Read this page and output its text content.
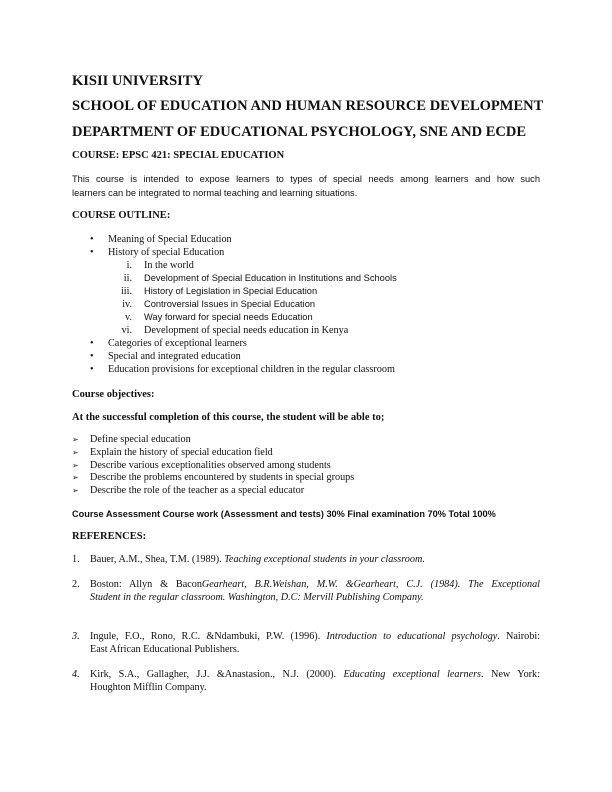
KISII UNIVERSITY
SCHOOL OF EDUCATION AND HUMAN RESOURCE DEVELOPMENT
DEPARTMENT OF EDUCATIONAL PSYCHOLOGY, SNE AND ECDE
COURSE: EPSC 421: SPECIAL EDUCATION
This course is intended to expose learners to types of special needs among learners and how such
learners can be integrated to normal teaching and learning situations.
COURSE OUTLINE:
• Meaning of Special Education
• History of special Education
i. In the world
ii. Development of Special Education in Institutions and Schools
iii. History of Legislation in Special Education
iv. Controversial Issues in Special Education
v. Way forward for special needs Education
vi. Development of special needs education in Kenya
• Categories of exceptional learners
• Special and integrated education
• Education provisions for exceptional children in the regular classroom
Course objectives:
At the successful completion of this course, the student will be able to;
➢ Define special education
➢ Explain the history of special education field
➢ Describe various exceptionalities observed among students
➢ Describe the problems encountered by students in special groups
➢ Describe the role of the teacher as a special educator
Course Assessment Course work (Assessment and tests) 30% Final examination 70% Total 100%
REFERENCES:
1. Bauer, A.M., Shea, T.M. (1989). Teaching exceptional students in your classroom.
2.	Boston: Allyn & BaconGearheart, B.R.Weishan, M.W. &Gearheart, C.J. (1984). The Exceptional
Student in the regular classroom. Washington, D.C: Mervill Publishing Company.
3.	Ingule, F.O., Rono, R.C. &Ndambuki, P.W. (1996). Introduction to educational psychology. Nairobi:
East African Educational Publishers.
4.	Kirk, S.A., Gallagher, J.J. &Anastasion., N.J. (2000). Educating exceptional learners. New York:
Houghton Mifflin Company.
